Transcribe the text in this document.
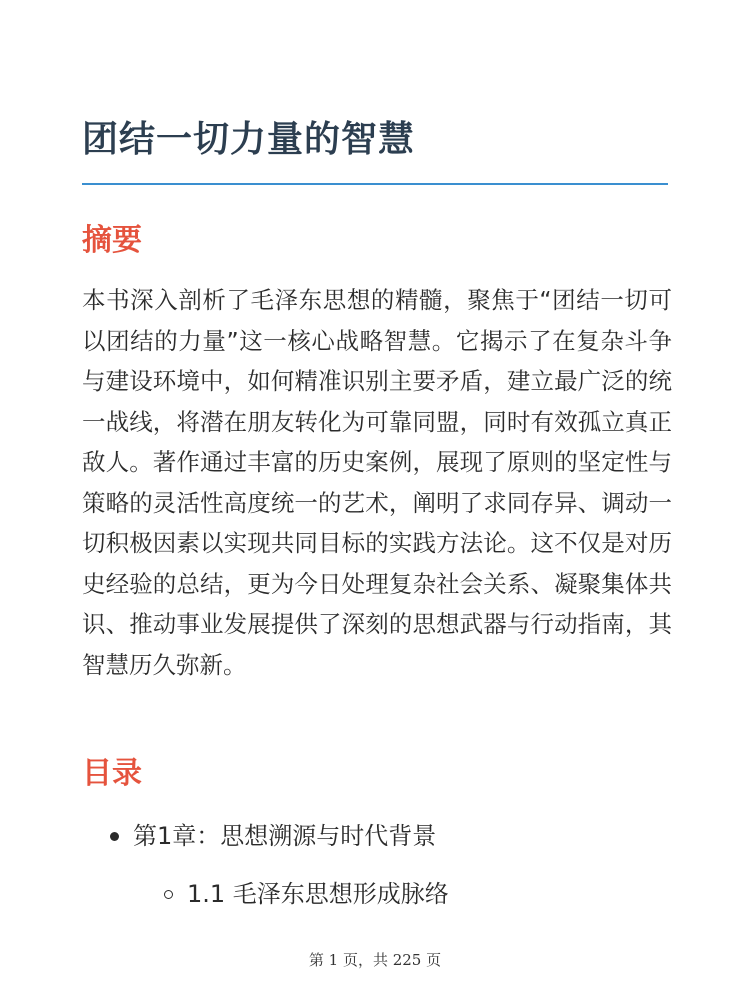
团结一切力量的智慧
摘要

本书深入剖析了毛泽东思想的精髓，聚焦于“团结一切可以团结的力量”这一核心战略智慧。它揭示了在复杂斗争与建设环境中，如何精准识别主要矛盾，建立最广泛的统一战线，将潜在朋友转化为可靠同盟，同时有效孤立真正敌人。著作通过丰富的历史案例，展现了原则的坚定性与策略的灵活性高度统一的艺术，阐明了求同存异、调动一切积极因素以实现共同目标的实践方法论。这不仅是对历史经验的总结，更为今日处理复杂社会关系、凝聚集体共识、推动事业发展提供了深刻的思想武器与行动指南，其智慧历久弥新。

目录
第1章：思想溯源与时代背景
1.1 毛泽东思想形成脉络
第 1 页，共 225 页
